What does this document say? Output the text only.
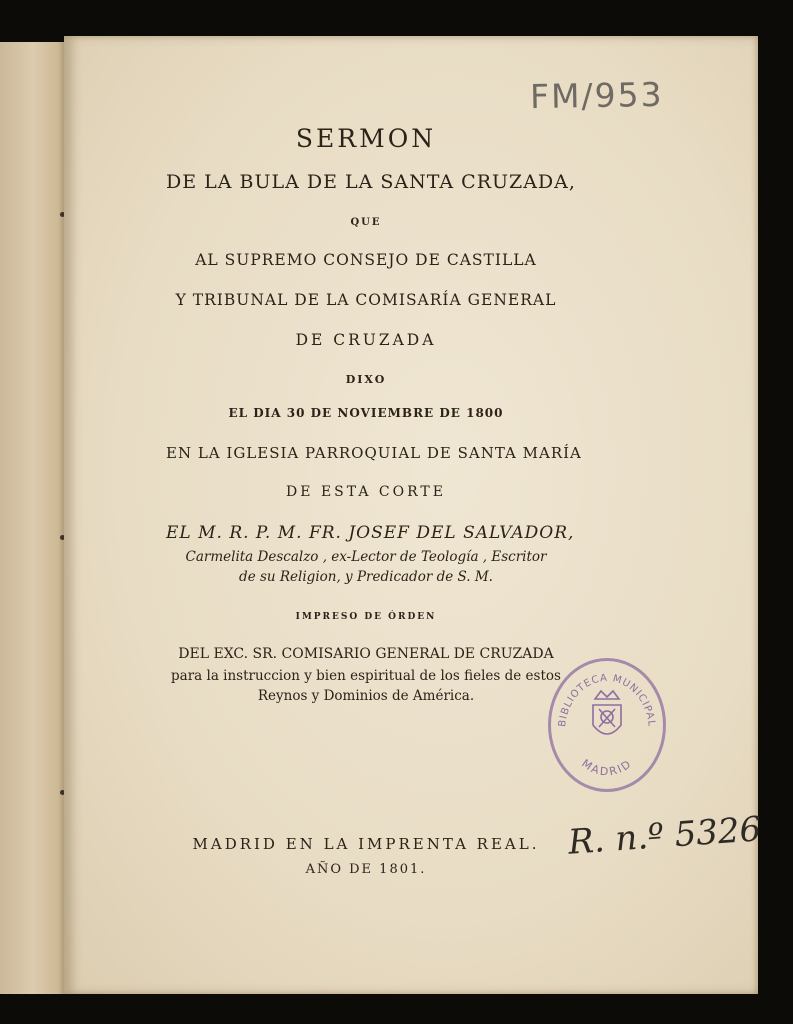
FM/953
SERMON
DE LA BULA DE LA SANTA CRUZADA,
QUE
AL SUPREMO CONSEJO DE CASTILLA
Y TRIBUNAL DE LA COMISARÍA GENERAL
DE CRUZADA
DIXO
EL DIA 30 DE NOVIEMBRE DE 1800
EN LA IGLESIA PARROQUIAL DE SANTA MARÍA
DE ESTA CORTE
EL M. R. P. M. FR. JOSEF DEL SALVADOR,
Carmelita Descalzo , ex-Lector de Teología , Escritor
de su Religion, y Predicador de S. M.
IMPRESO DE ÓRDEN
DEL EXC. SR. COMISARIO GENERAL DE CRUZADA
para la instruccion y bien espiritual de los fieles de estos
Reynos y Dominios de América.
MADRID EN LA IMPRENTA REAL.
AÑO DE 1801.
BIBLIOTECA MUNICIPAL
MADRID
R. n.º 5326
